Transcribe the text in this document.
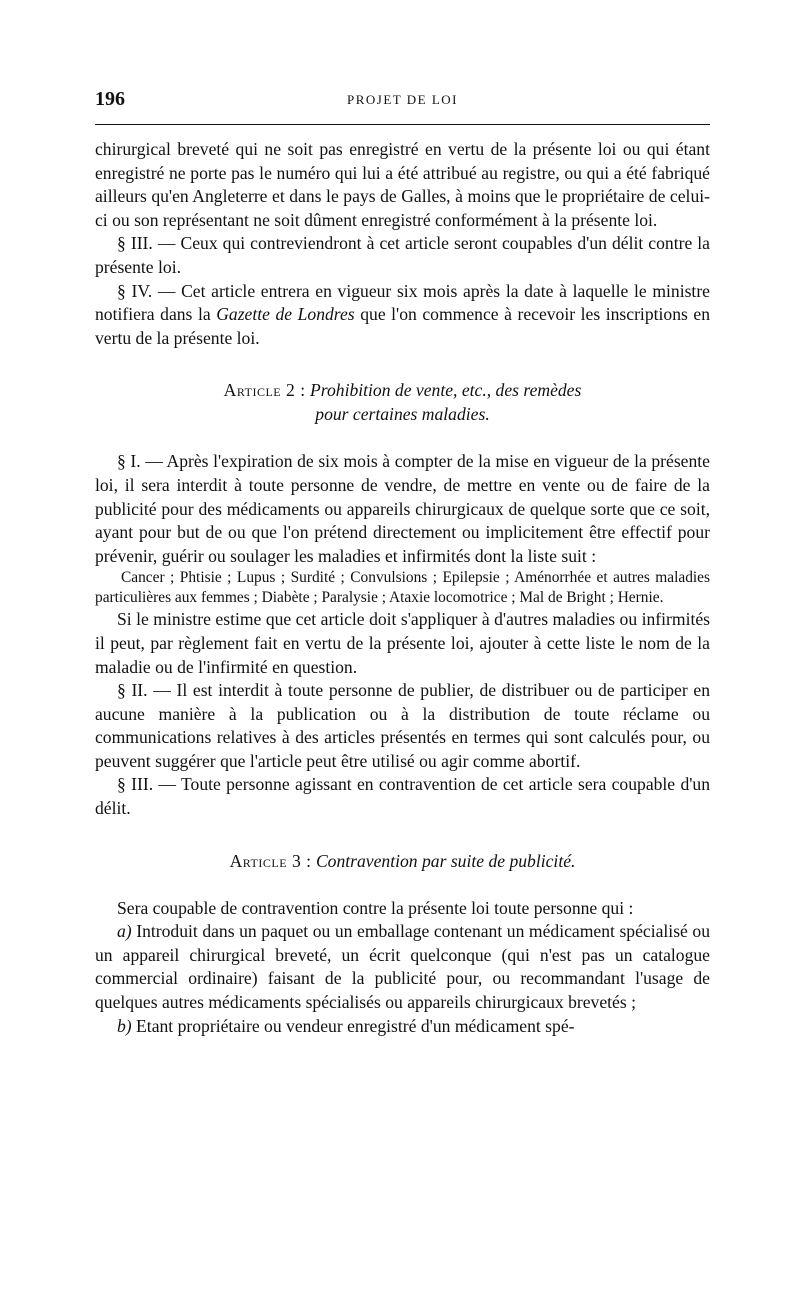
196	PROJET DE LOI

chirurgical breveté qui ne soit pas enregistré en vertu de la présente loi ou qui étant enregistré ne porte pas le numéro qui lui a été attribué au registre, ou qui a été fabriqué ailleurs qu'en Angleterre et dans le pays de Galles, à moins que le propriétaire de celui-ci ou son représentant ne soit dûment enregistré conformément à la présente loi.

§ III. — Ceux qui contreviendront à cet article seront coupables d'un délit contre la présente loi.

§ IV. — Cet article entrera en vigueur six mois après la date à laquelle le ministre notifiera dans la Gazette de Londres que l'on commence à recevoir les inscriptions en vertu de la présente loi.

Article 2 : Prohibition de vente, etc., des remèdes
pour certaines maladies.

§ I. — Après l'expiration de six mois à compter de la mise en vigueur de la présente loi, il sera interdit à toute personne de vendre, de mettre en vente ou de faire de la publicité pour des médicaments ou appareils chirurgicaux de quelque sorte que ce soit, ayant pour but de ou que l'on prétend directement ou implicitement être effectif pour prévenir, guérir ou soulager les maladies et infirmités dont la liste suit :

Cancer ; Phtisie ; Lupus ; Surdité ; Convulsions ; Epilepsie ; Aménorrhée et autres maladies particulières aux femmes ; Diabète ; Paralysie ; Ataxie locomotrice ; Mal de Bright ; Hernie.

Si le ministre estime que cet article doit s'appliquer à d'autres maladies ou infirmités il peut, par règlement fait en vertu de la présente loi, ajouter à cette liste le nom de la maladie ou de l'infirmité en question.

§ II. — Il est interdit à toute personne de publier, de distribuer ou de participer en aucune manière à la publication ou à la distribution de toute réclame ou communications relatives à des articles présentés en termes qui sont calculés pour, ou peuvent suggérer que l'article peut être utilisé ou agir comme abortif.

§ III. — Toute personne agissant en contravention de cet article sera coupable d'un délit.

Article 3 : Contravention par suite de publicité.

Sera coupable de contravention contre la présente loi toute personne qui :

a) Introduit dans un paquet ou un emballage contenant un médicament spécialisé ou un appareil chirurgical breveté, un écrit quelconque (qui n'est pas un catalogue commercial ordinaire) faisant de la publicité pour, ou recommandant l'usage de quelques autres médicaments spécialisés ou appareils chirurgicaux brevetés ;

b) Etant propriétaire ou vendeur enregistré d'un médicament spé-
